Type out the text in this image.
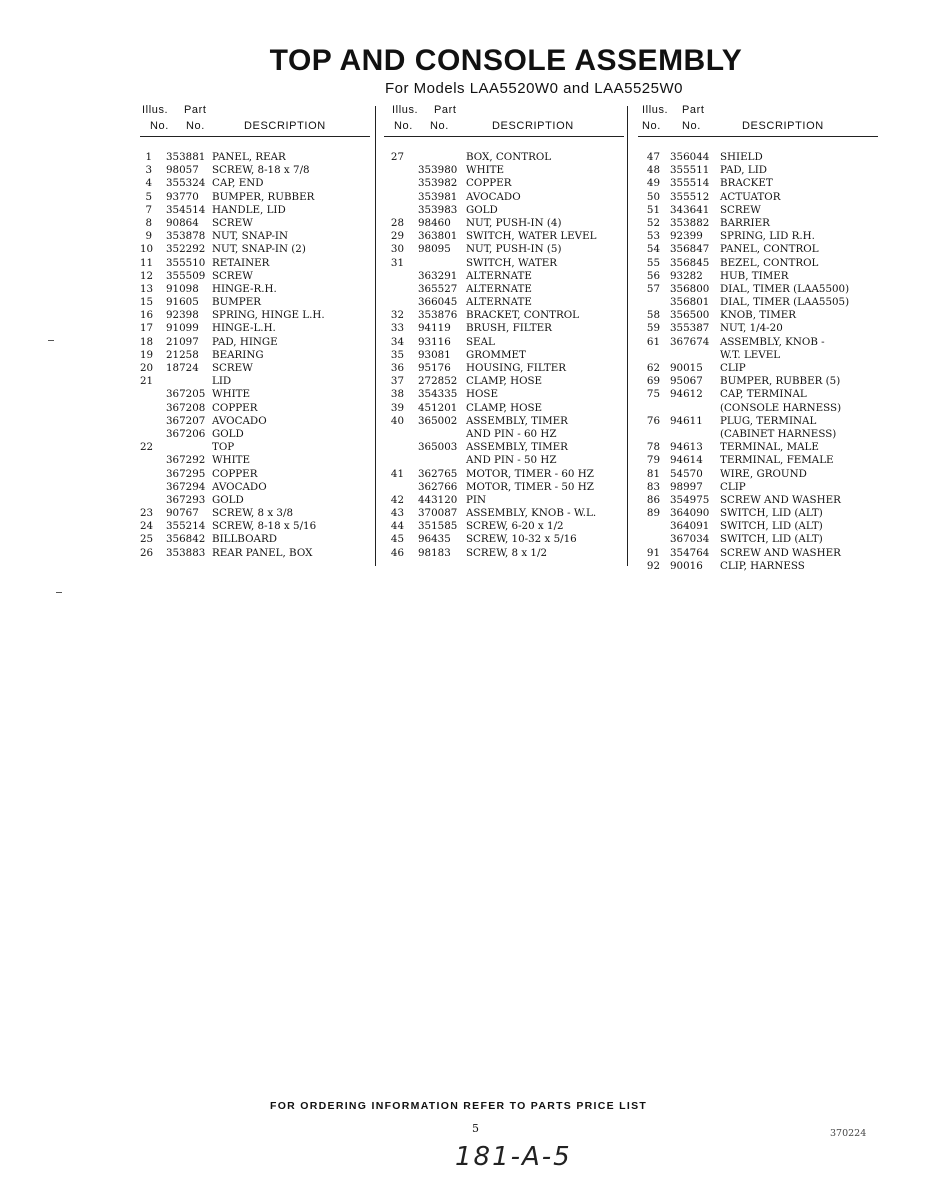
TOP AND CONSOLE ASSEMBLY
For Models LAA5520W0 and LAA5525W0
Illus. Part
No. No.	DESCRIPTION
1 353881 PANEL, REAR
3 98057 SCREW, 8-18 x 7/8
4 355324 CAP, END
5 93770 BUMPER, RUBBER
7 354514 HANDLE, LID
8 90864 SCREW
9 353878 NUT, SNAP-IN
10 352292 NUT, SNAP-IN (2)
11 355510 RETAINER
12 355509 SCREW
13 91098 HINGE-R.H.
15 91605 BUMPER
16 92398 SPRING, HINGE L.H.
17 91099 HINGE-L.H.
18 21097 PAD, HINGE
19 21258 BEARING
20 18724 SCREW
21	LID
367205 WHITE
367208 COPPER
367207 AVOCADO
367206 GOLD
22	TOP
367292 WHITE
367295 COPPER
367294 AVOCADO
367293 GOLD
23 90767 SCREW, 8 x 3/8
24 355214 SCREW, 8-18 x 5/16
25 356842 BILLBOARD
26 353883 REAR PANEL, BOX
Illus. Part
No. No.	DESCRIPTION
27	BOX, CONTROL
353980 WHITE
353982 COPPER
353981 AVOCADO
353983 GOLD
28 98460 NUT, PUSH-IN (4)
29 363801 SWITCH, WATER LEVEL
30 98095 NUT, PUSH-IN (5)
31	SWITCH, WATER
363291 ALTERNATE
365527 ALTERNATE
366045 ALTERNATE
32 353876 BRACKET, CONTROL
33 94119 BRUSH, FILTER
34 93116 SEAL
35 93081 GROMMET
36 95176 HOUSING, FILTER
37 272852 CLAMP, HOSE
38 354335 HOSE
39 451201 CLAMP, HOSE
40 365002 ASSEMBLY, TIMER
AND PIN - 60 HZ
365003 ASSEMBLY, TIMER
AND PIN - 50 HZ
41 362765 MOTOR, TIMER - 60 HZ
362766 MOTOR, TIMER - 50 HZ
42 443120 PIN
43 370087 ASSEMBLY, KNOB - W.L.
44 351585 SCREW, 6-20 x 1/2
45 96435 SCREW, 10-32 x 5/16
46 98183 SCREW, 8 x 1/2
Illus. Part
No. No.	DESCRIPTION
47 356044 SHIELD
48 355511 PAD, LID
49 355514 BRACKET
50 355512 ACTUATOR
51 343641 SCREW
52 353882 BARRIER
53 92399 SPRING, LID R.H.
54 356847 PANEL, CONTROL
55 356845 BEZEL, CONTROL
56 93282 HUB, TIMER
57 356800 DIAL, TIMER (LAA5500)
356801 DIAL, TIMER (LAA5505)
58 356500 KNOB, TIMER
59 355387 NUT, 1/4-20
61 367674 ASSEMBLY, KNOB -
W.T. LEVEL
62 90015 CLIP
69 95067 BUMPER, RUBBER (5)
75 94612 CAP, TERMINAL
(CONSOLE HARNESS)
76 94611 PLUG, TERMINAL
(CABINET HARNESS)
78 94613 TERMINAL, MALE
79 94614 TERMINAL, FEMALE
81 54570 WIRE, GROUND
83 98997 CLIP
86 354975 SCREW AND WASHER
89 364090 SWITCH, LID (ALT)
364091 SWITCH, LID (ALT)
367034 SWITCH, LID (ALT)
91 354764 SCREW AND WASHER
92 90016 CLIP, HARNESS
FOR ORDERING INFORMATION REFER TO PARTS PRICE LIST
5	370224
181-A-5
